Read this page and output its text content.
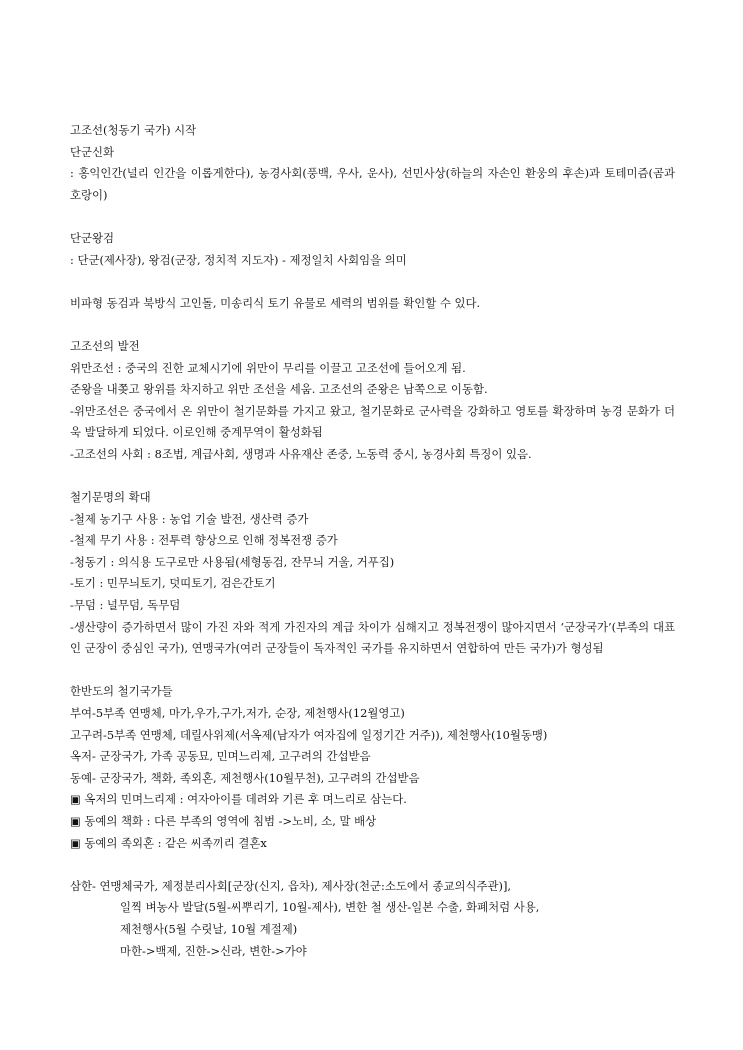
고조선(청동기 국가) 시작
단군신화
: 홍익인간(널리 인간을 이롭게한다), 농경사회(풍백, 우사, 운사), 선민사상(하늘의 자손인 환웅의 후손)과 토테미즘(곰과 호랑이)
단군왕검
: 단군(제사장), 왕검(군장, 정치적 지도자) - 제정일치 사회임을 의미
비파형 동검과 북방식 고인돌, 미송리식 토기 유물로 세력의 범위를 확인할 수 있다.
고조선의 발전
위만조선 : 중국의 진한 교체시기에 위만이 무리를 이끌고 고조선에 들어오게 됨.
준왕을 내쫒고 왕위를 차지하고 위만 조선을 세움. 고조선의 준왕은 남쪽으로 이동함.
-위만조선은 중국에서 온 위만이 철기문화를 가지고 왔고, 철기문화로 군사력을 강화하고 영토를 확장하며 농경 문화가 더욱 발달하게 되었다. 이로인해 중계무역이 활성화됨
-고조선의 사회 : 8조법, 계급사회, 생명과 사유재산 존중, 노동력 중시, 농경사회 특징이 있음.
철기문명의 확대
-철제 농기구 사용 : 농업 기술 발전, 생산력 증가
-철제 무기 사용 : 전투력 향상으로 인해 정복전쟁 증가
-청동기 : 의식용 도구로만 사용됨(세형동검, 잔무늬 거울, 거푸집)
-토기 : 민무늬토기, 덧띠토기, 검은간토기
-무덤 : 널무덤, 독무덤
-생산량이 증가하면서 많이 가진 자와 적게 가진자의 계급 차이가 심해지고 정복전쟁이 많아지면서 ‘군장국가’(부족의 대표인 군장이 중심인 국가), 연맹국가(여러 군장들이 독자적인 국가를 유지하면서 연합하여 만든 국가)가 형성됨
한반도의 철기국가들
부여-5부족 연맹체, 마가,우가,구가,저가, 순장, 제천행사(12월영고)
고구려-5부족 연맹체, 데릴사위제(서옥제(남자가 여자집에 일정기간 거주)), 제천행사(10월동맹)
옥저- 군장국가, 가족 공동묘, 민며느리제, 고구려의 간섭받음
동예- 군장국가, 책화, 족외혼, 제천행사(10월무천), 고구려의 간섭받음
▣ 옥저의 민며느리제 : 여자아이를 데려와 기른 후 며느리로 삼는다.
▣ 동예의 책화 : 다른 부족의 영역에 침범 ->노비, 소, 말 배상
▣ 동예의 족외혼 : 같은 씨족끼리 결혼x
삼한- 연맹체국가, 제정분리사회[군장(신지, 읍차), 제사장(천군:소도에서 종교의식주관)],
일찍 벼농사 발달(5월-씨뿌리기, 10월-제사), 변한 철 생산-일본 수출, 화폐처럼 사용,
제천행사(5월 수릿날, 10월 계절제)
마한->백제, 진한->신라, 변한->가야
